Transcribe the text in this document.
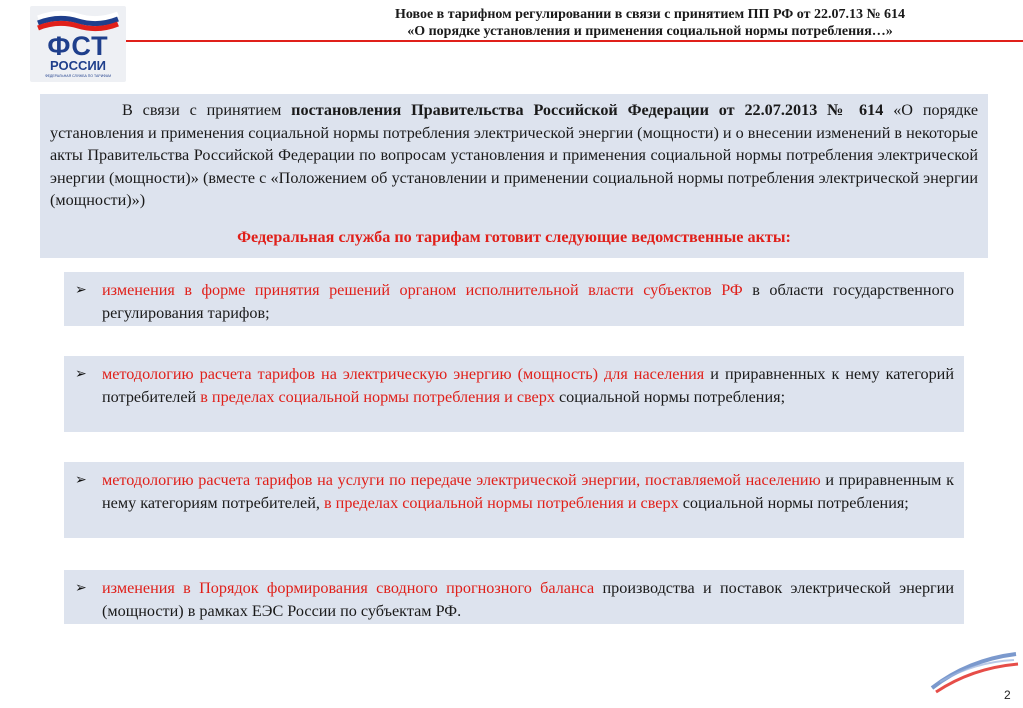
ФСТ
РОССИИ
ФЕДЕРАЛЬНАЯ СЛУЖБА ПО ТАРИФАМ
Новое в тарифном регулировании в связи с принятием ПП РФ от 22.07.13 № 614
«О порядке установления и применения социальной нормы потребления…»

В связи с принятием постановления Правительства Российской Федерации от 22.07.2013 № 614 «О порядке установления и применения социальной нормы потребления электрической энергии (мощности) и о внесении изменений в некоторые акты Правительства Российской Федерации по вопросам установления и применения социальной нормы потребления электрической энергии (мощности)» (вместе с «Положением об установлении и применении социальной нормы потребления электрической энергии (мощности)»)

Федеральная служба по тарифам готовит следующие ведомственные акты:

➢ изменения в форме принятия решений органом исполнительной власти субъектов РФ в области государственного регулирования тарифов;
➢ методологию расчета тарифов на электрическую энергию (мощность) для населения и приравненных к нему категорий потребителей в пределах социальной нормы потребления и сверх социальной нормы потребления;
➢ методологию расчета тарифов на услуги по передаче электрической энергии, поставляемой населению и приравненным к нему категориям потребителей, в пределах социальной нормы потребления и сверх социальной нормы потребления;
➢ изменения в Порядок формирования сводного прогнозного баланса производства и поставок электрической энергии (мощности) в рамках ЕЭС России по субъектам РФ.
2
